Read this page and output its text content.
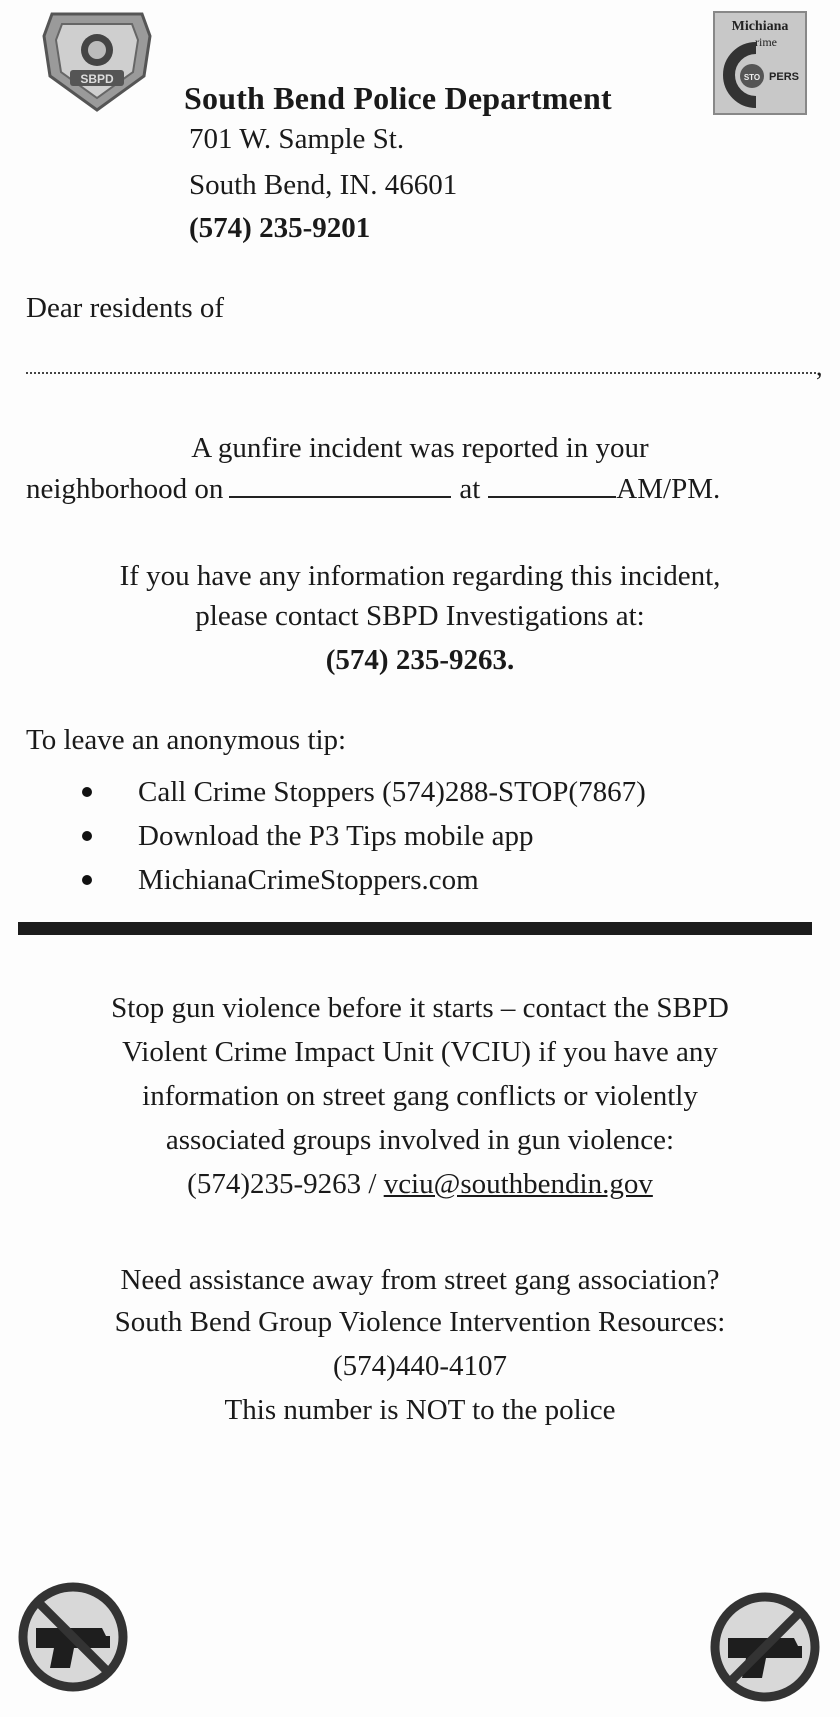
SBPD
Michiana
rime
STO PERS
South Bend Police Department
701 W. Sample St.
South Bend, IN. 46601
(574) 235-9201
Dear residents of
,
A gunfire incident was reported in your
neighborhood on	at	AM/PM.
If you have any information regarding this incident,
please contact SBPD Investigations at:
(574) 235-9263.
To leave an anonymous tip:
Call Crime Stoppers (574)288-STOP(7867)
Download the P3 Tips mobile app
MichianaCrimeStoppers.com
Stop gun violence before it starts – contact the SBPD
Violent Crime Impact Unit (VCIU) if you have any
information on street gang conflicts or violently
associated groups involved in gun violence:
(574)235-9263 / vciu@southbendin.gov
Need assistance away from street gang association?
South Bend Group Violence Intervention Resources:
(574)440-4107
This number is NOT to the police
